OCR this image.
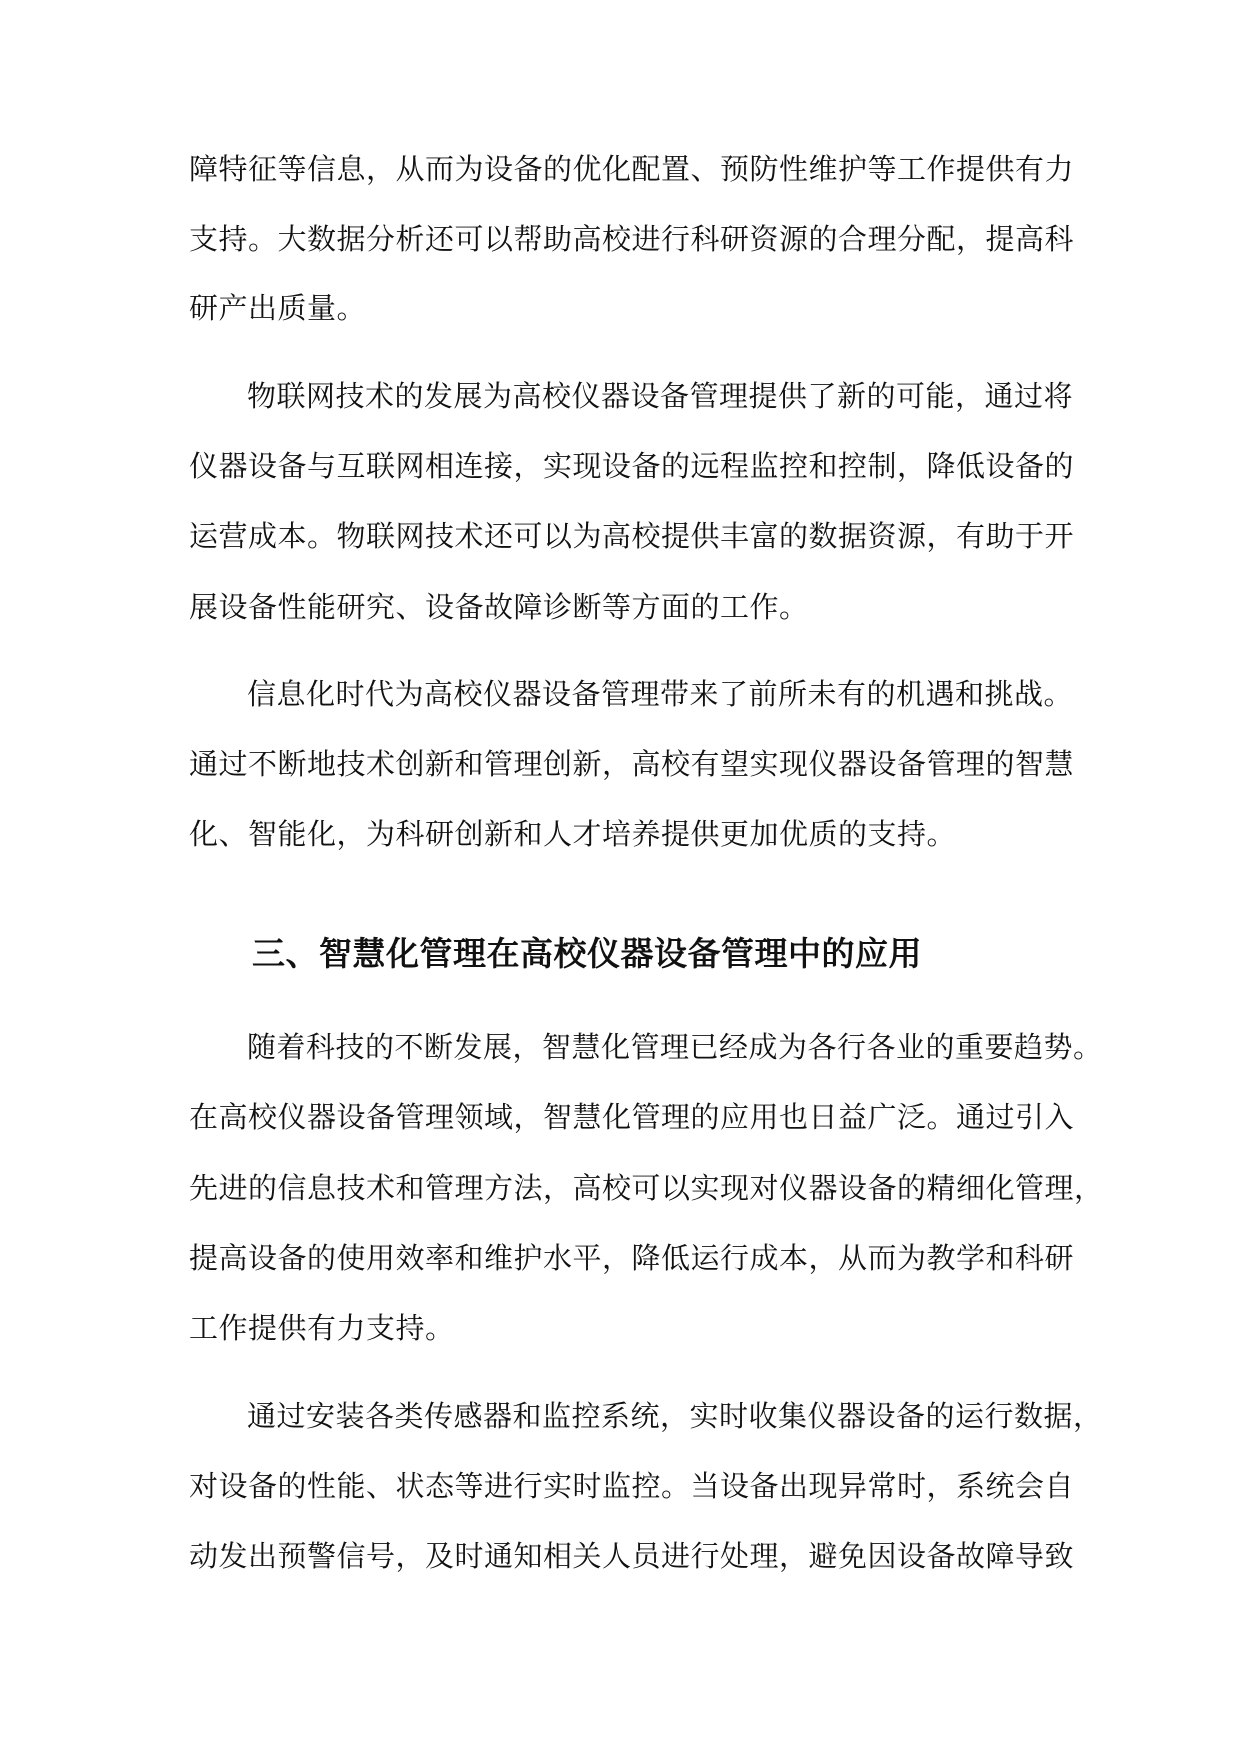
障特征等信息，从而为设备的优化配置、预防性维护等工作提供有力
支持。大数据分析还可以帮助高校进行科研资源的合理分配，提高科
研产出质量。
物联网技术的发展为高校仪器设备管理提供了新的可能，通过将
仪器设备与互联网相连接，实现设备的远程监控和控制，降低设备的
运营成本。物联网技术还可以为高校提供丰富的数据资源，有助于开
展设备性能研究、设备故障诊断等方面的工作。
信息化时代为高校仪器设备管理带来了前所未有的机遇和挑战。
通过不断地技术创新和管理创新，高校有望实现仪器设备管理的智慧
化、智能化，为科研创新和人才培养提供更加优质的支持。
三、智慧化管理在高校仪器设备管理中的应用
随着科技的不断发展，智慧化管理已经成为各行各业的重要趋势。
在高校仪器设备管理领域，智慧化管理的应用也日益广泛。通过引入
先进的信息技术和管理方法，高校可以实现对仪器设备的精细化管理，
提高设备的使用效率和维护水平，降低运行成本，从而为教学和科研
工作提供有力支持。
通过安装各类传感器和监控系统，实时收集仪器设备的运行数据，
对设备的性能、状态等进行实时监控。当设备出现异常时，系统会自
动发出预警信号，及时通知相关人员进行处理，避免因设备故障导致
